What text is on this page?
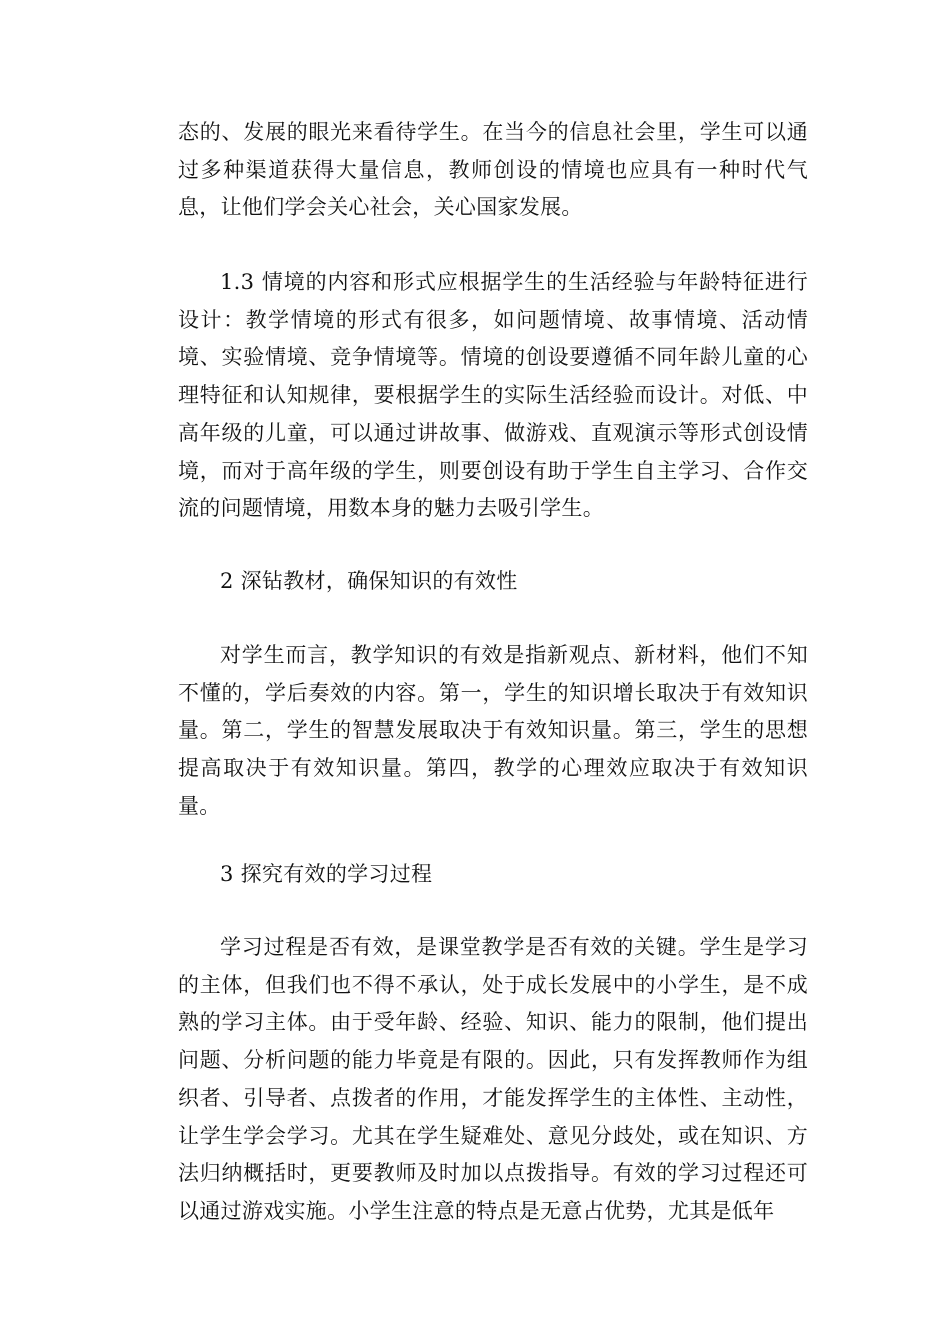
态的、发展的眼光来看待学生。在当今的信息社会里，学生可以通过多种渠道获得大量信息，教师创设的情境也应具有一种时代气息，让他们学会关心社会，关心国家发展。

1.3 情境的内容和形式应根据学生的生活经验与年龄特征进行设计：教学情境的形式有很多，如问题情境、故事情境、活动情境、实验情境、竞争情境等。情境的创设要遵循不同年龄儿童的心理特征和认知规律，要根据学生的实际生活经验而设计。对低、中高年级的儿童，可以通过讲故事、做游戏、直观演示等形式创设情境，而对于高年级的学生，则要创设有助于学生自主学习、合作交流的问题情境，用数本身的魅力去吸引学生。

2 深钻教材，确保知识的有效性

对学生而言，教学知识的有效是指新观点、新材料，他们不知不懂的，学后奏效的内容。第一，学生的知识增长取决于有效知识量。第二，学生的智慧发展取决于有效知识量。第三，学生的思想提高取决于有效知识量。第四，教学的心理效应取决于有效知识量。

3 探究有效的学习过程

学习过程是否有效，是课堂教学是否有效的关键。学生是学习的主体，但我们也不得不承认，处于成长发展中的小学生，是不成熟的学习主体。由于受年龄、经验、知识、能力的限制，他们提出问题、分析问题的能力毕竟是有限的。因此，只有发挥教师作为组织者、引导者、点拨者的作用，才能发挥学生的主体性、主动性，让学生学会学习。尤其在学生疑难处、意见分歧处，或在知识、方法归纳概括时，更要教师及时加以点拨指导。有效的学习过程还可以通过游戏实施。小学生注意的特点是无意占优势，尤其是低年
